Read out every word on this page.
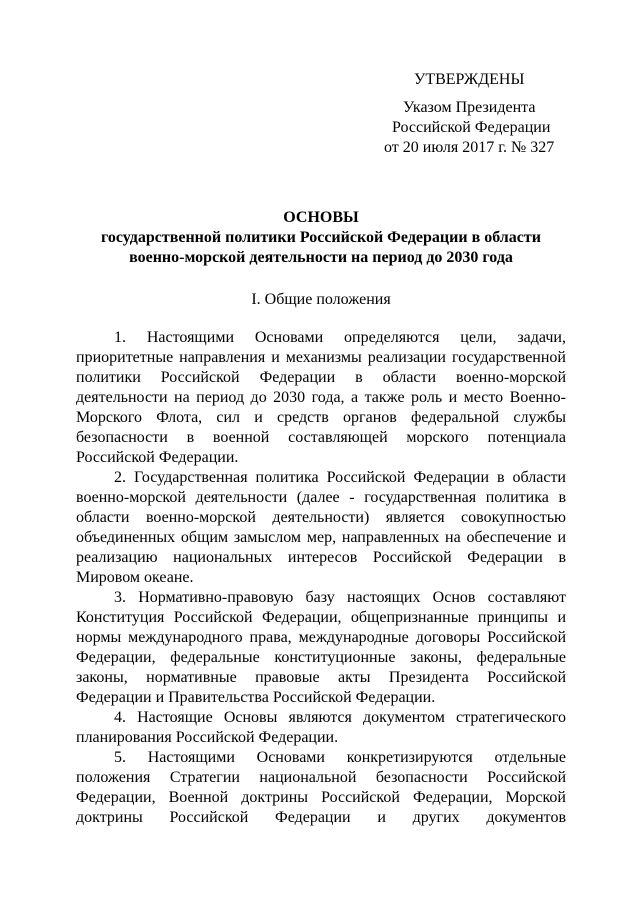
УТВЕРЖДЕНЫ
Указом Президента
Российской Федерации
от 20 июля 2017 г. № 327
ОСНОВЫ
государственной политики Российской Федерации в области
военно-морской деятельности на период до 2030 года
I. Общие положения

1. Настоящими Основами определяются цели, задачи, приоритетные направления и механизмы реализации государственной политики Российской Федерации в области военно-морской деятельности на период до 2030 года, а также роль и место Военно-Морского Флота, сил и средств органов федеральной службы безопасности в военной составляющей морского потенциала Российской Федерации.

2. Государственная политика Российской Федерации в области военно-морской деятельности (далее - государственная политика в области военно-морской деятельности) является совокупностью объединенных общим замыслом мер, направленных на обеспечение и реализацию национальных интересов Российской Федерации в Мировом океане.

3. Нормативно-правовую базу настоящих Основ составляют Конституция Российской Федерации, общепризнанные принципы и нормы международного права, международные договоры Российской Федерации, федеральные конституционные законы, федеральные законы, нормативные правовые акты Президента Российской Федерации и Правительства Российской Федерации.

4. Настоящие Основы являются документом стратегического планирования Российской Федерации.

5. Настоящими Основами конкретизируются отдельные положения Стратегии национальной безопасности Российской Федерации, Военной доктрины Российской Федерации, Морской доктрины Российской Федерации и других документов
